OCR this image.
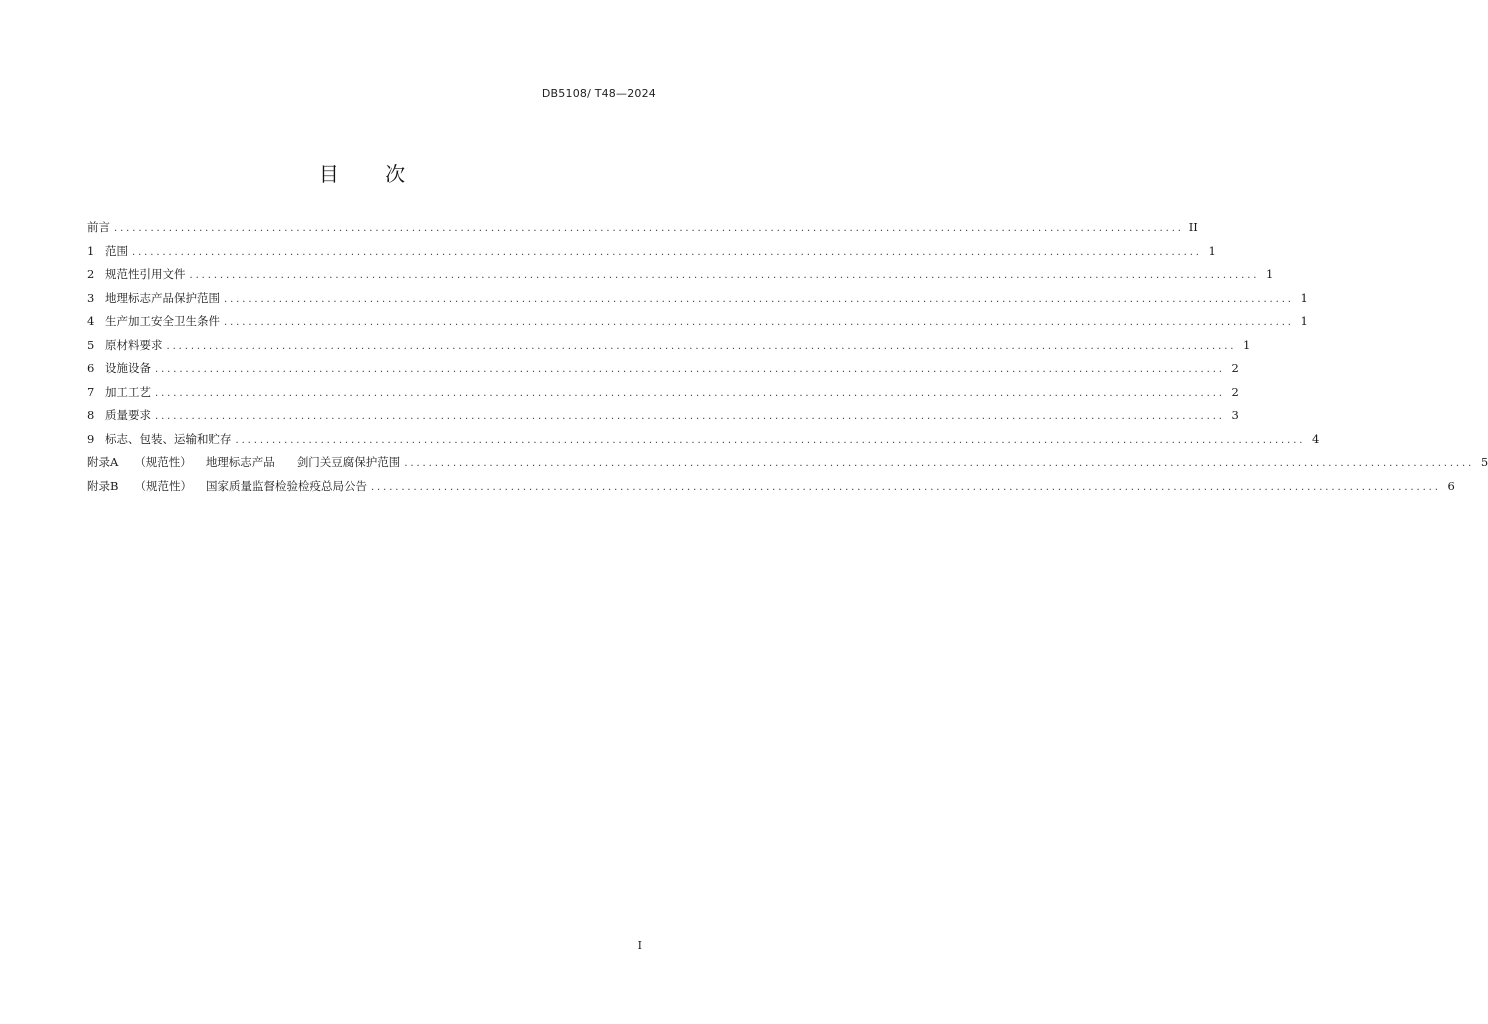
DB5108/ T48—2024
目 次
前言 ................................................................................................................................................................................ II
1 范围 ................................................................................................................................................................................ 1
2 规范性引用文件 ................................................................................................................................................................................ 1
3 地理标志产品保护范围 ................................................................................................................................................................................ 1
4 生产加工安全卫生条件 ................................................................................................................................................................................ 1
5 原材料要求 ................................................................................................................................................................................ 1
6 设施设备 ................................................................................................................................................................................ 2
7 加工工艺 ................................................................................................................................................................................ 2
8 质量要求 ................................................................................................................................................................................ 3
9 标志、包装、运输和贮存 ................................................................................................................................................................................ 4
附录A （规范性） 地理标志产品 剑门关豆腐保护范围 ................................................................................................................................................................................ 5
附录B （规范性） 国家质量监督检验检疫总局公告 ................................................................................................................................................................................ 6
I
